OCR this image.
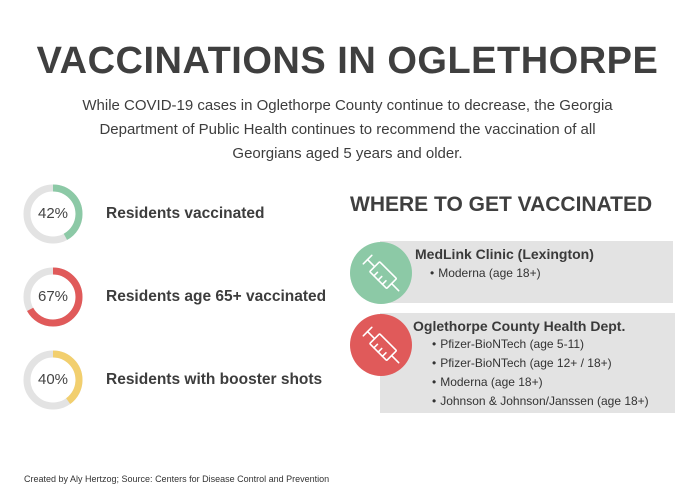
VACCINATIONS IN OGLETHORPE
While COVID-19 cases in Oglethorpe County continue to decrease, the Georgia Department of Public Health continues to recommend the vaccination of all Georgians aged 5 years and older.
42%	Residents vaccinated
67%	Residents age 65+ vaccinated
40%	Residents with booster shots
WHERE TO GET VACCINATED
MedLink Clinic (Lexington)
• Moderna (age 18+)
Oglethorpe County Health Dept.
• Pfizer-BioNTech (age 5-11)
• Pfizer-BioNTech (age 12+ / 18+)
• Moderna (age 18+)
• Johnson & Johnson/Janssen (age 18+)
Created by Aly Hertzog; Source: Centers for Disease Control and Prevention
